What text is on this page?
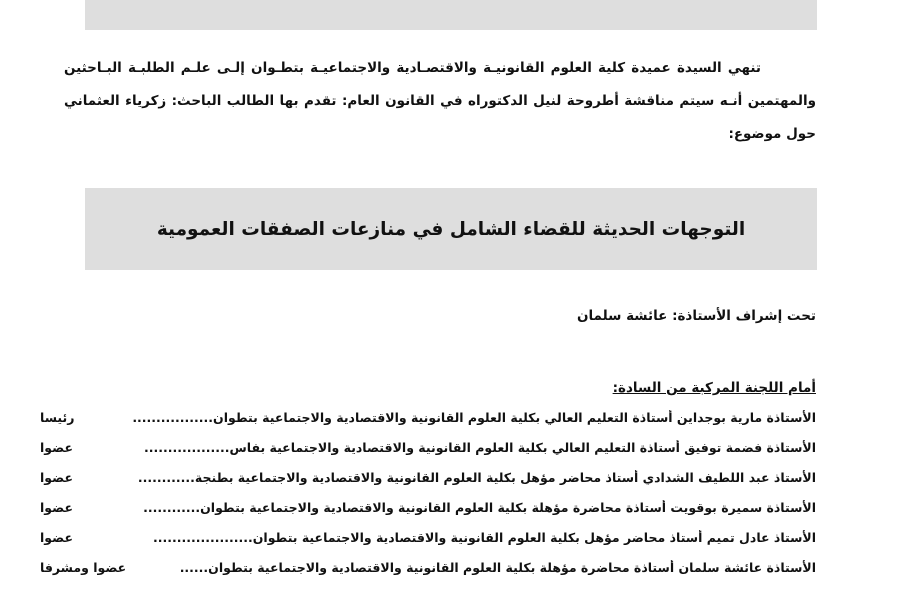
تنهي السيدة عميدة كلية العلوم القانونيـة والاقتصـادية والاجتماعيـة بتطـوان إلـى علـم الطلبـة البـاحثين والمهتمين أنـه سيتم مناقشة أطروحة لنيل الدكتوراه في القانون العام: تقدم بها الطالب الباحث: زكرياء العثماني حول موضوع:

التوجهات الحديثة للقضاء الشامل في منازعات الصفقات العمومية
تحت إشراف الأستاذة: عائشة سلمان
أمام اللجنة المركبة من السادة:
الأستاذة مارية بوجداين أستاذة التعليم العالي بكلية العلوم القانونية والاقتصادية والاجتماعية بتطوان.................
رئيسا
الأستاذة فضمة توفيق أستاذة التعليم العالي بكلية العلوم القانونية والاقتصادية والاجتماعية بفاس..................
عضوا
الأستاذ عبد اللطيف الشدادي أستاذ محاضر مؤهل بكلية العلوم القانونية والاقتصادية والاجتماعية بطنجة............
عضوا
الأستاذة سميرة بوقويت أستاذة محاضرة مؤهلة بكلية العلوم القانونية والاقتصادية والاجتماعية بتطوان............
عضوا
الأستاذ عادل تميم أستاذ محاضر مؤهل بكلية العلوم القانونية والاقتصادية والاجتماعية بتطوان.....................
عضوا
الأستاذة عائشة سلمان أستاذة محاضرة مؤهلة بكلية العلوم القانونية والاقتصادية والاجتماعية بتطوان......
عضوا ومشرفا
